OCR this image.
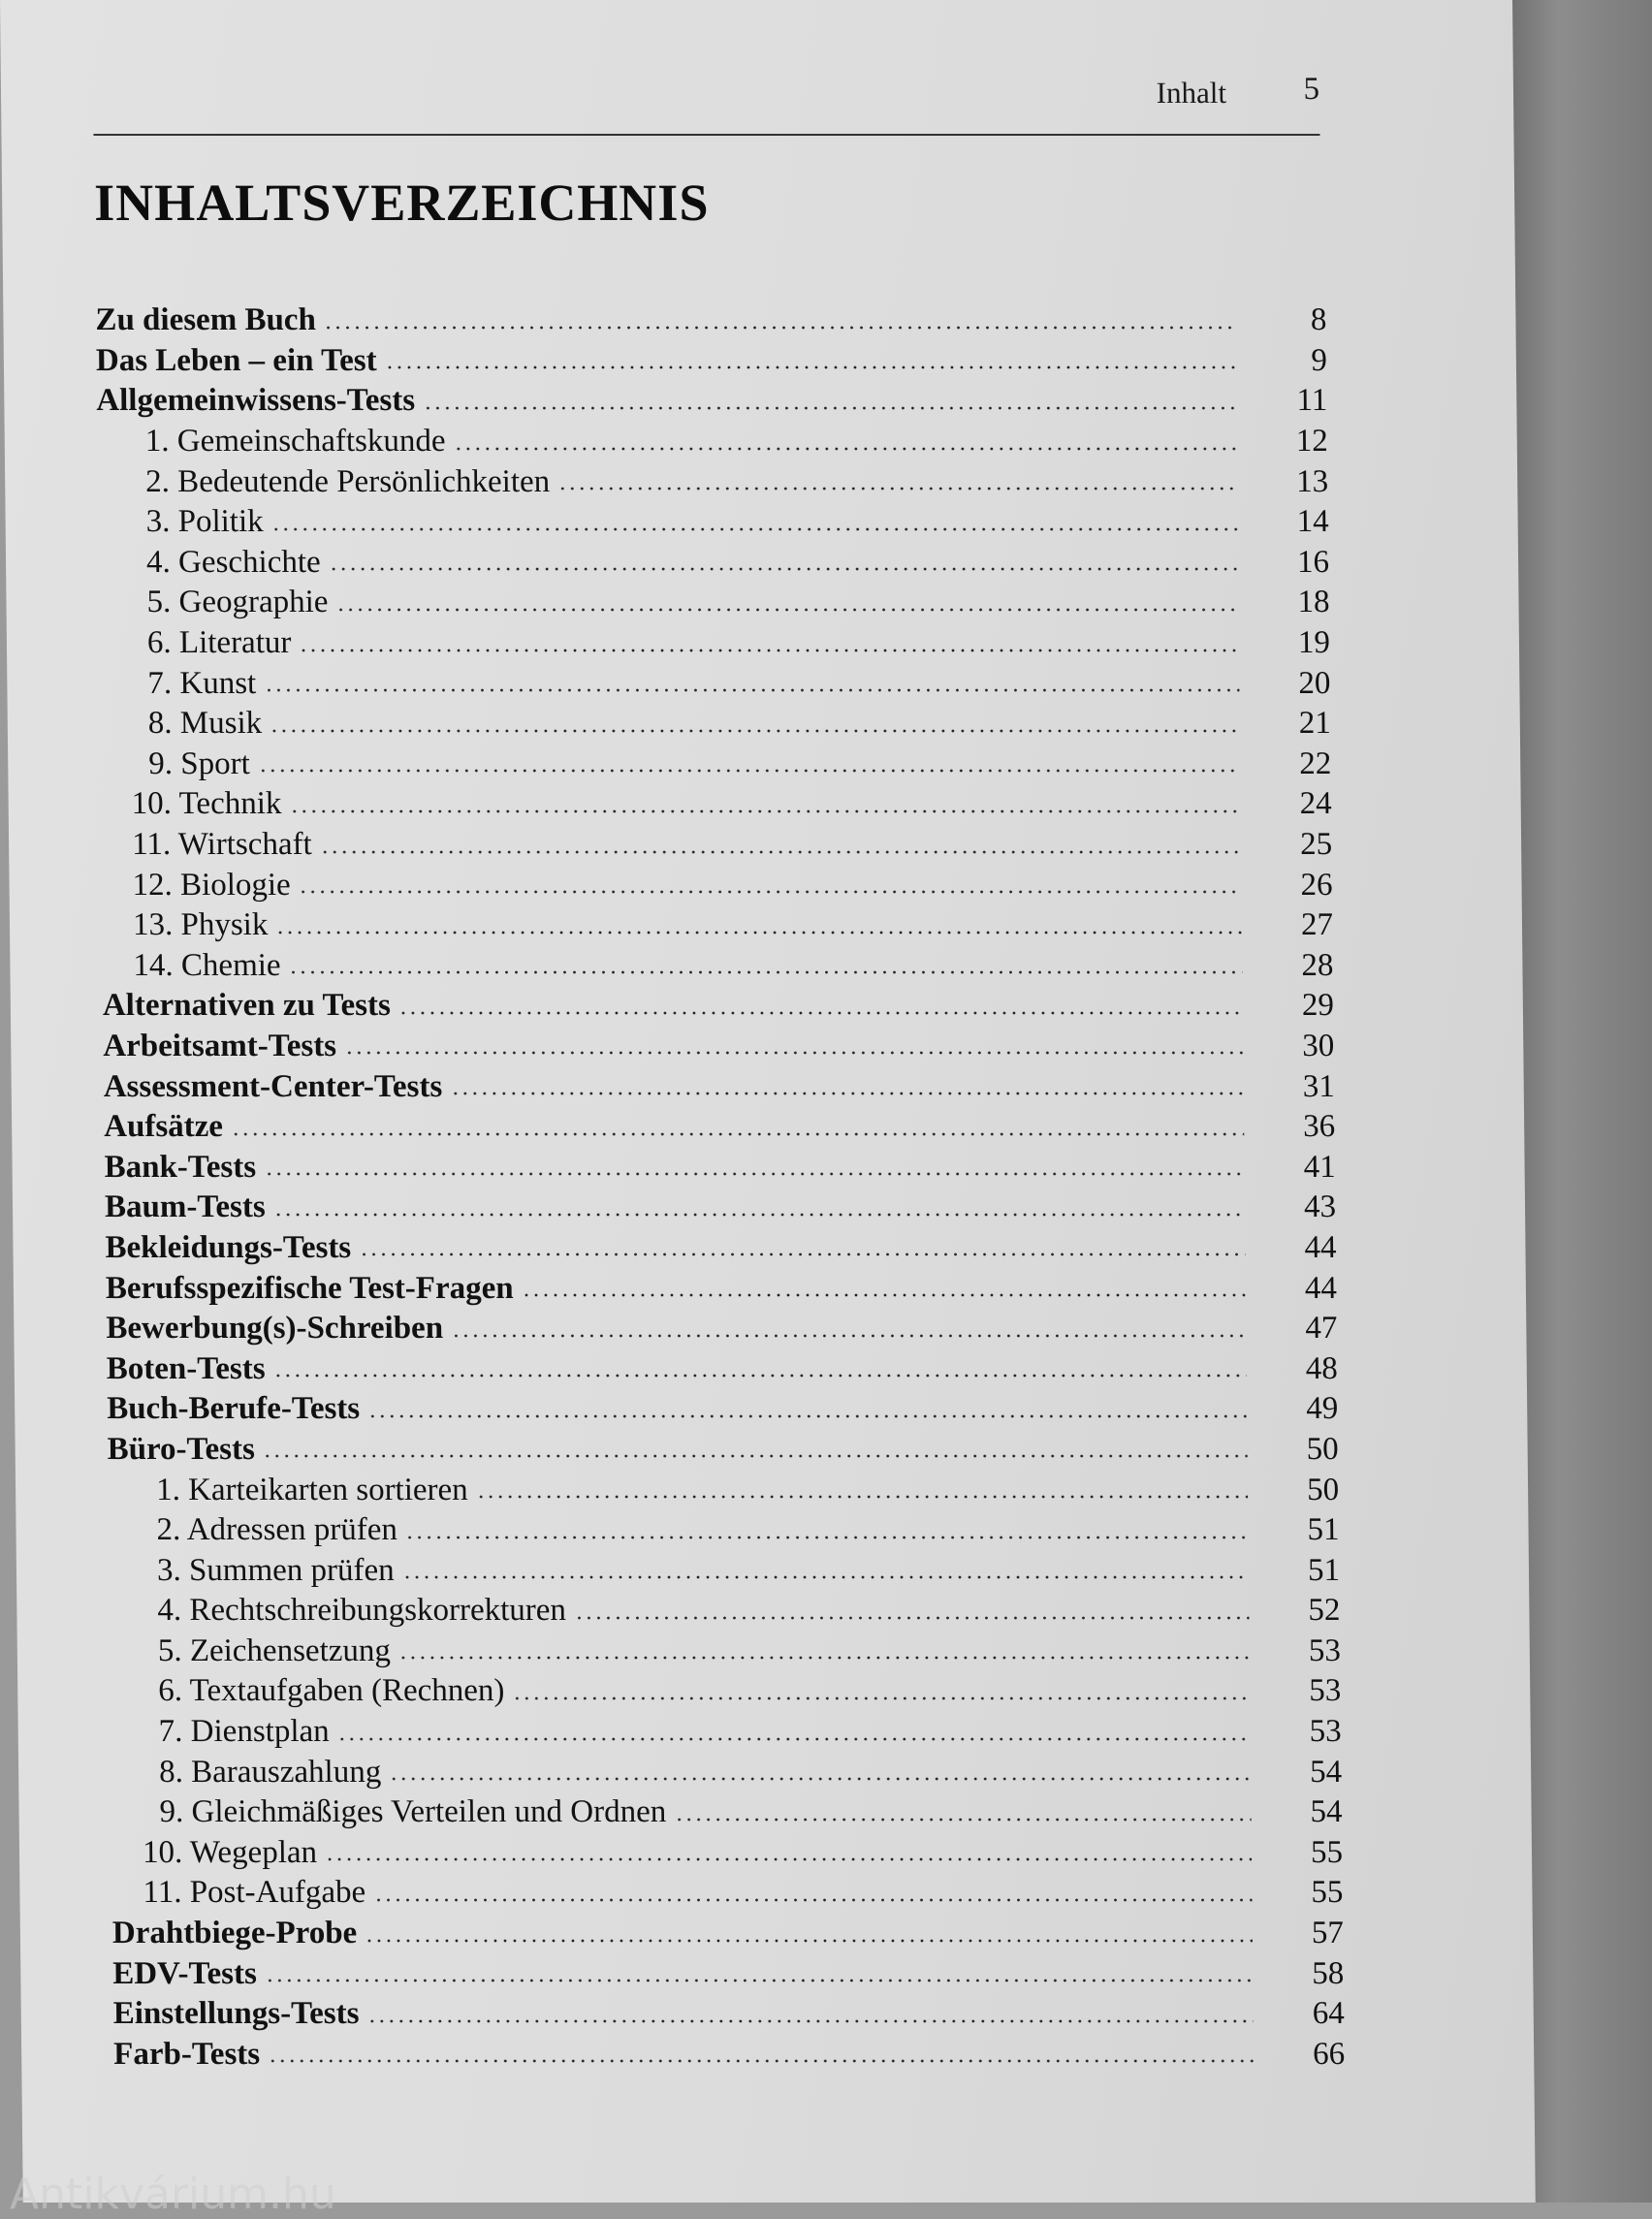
Inhalt 5
INHALTSVERZEICHNIS
Zu diesem Buch	8
Das Leben – ein Test	9
Allgemeinwissens-Tests	11
1. Gemeinschaftskunde	12
2. Bedeutende Persönlichkeiten	13
3. Politik	14
4. Geschichte	16
5. Geographie	18
6. Literatur	19
7. Kunst	20
8. Musik	21
9. Sport	22
10. Technik	24
11. Wirtschaft	25
12. Biologie	26
13. Physik	27
14. Chemie	28
Alternativen zu Tests	29
Arbeitsamt-Tests	30
Assessment-Center-Tests	31
Aufsätze	36
Bank-Tests	41
Baum-Tests	43
Bekleidungs-Tests	44
Berufsspezifische Test-Fragen	44
Bewerbung(s)-Schreiben	47
Boten-Tests	48
Buch-Berufe-Tests	49
Büro-Tests	50
1. Karteikarten sortieren	50
2. Adressen prüfen	51
3. Summen prüfen	51
4. Rechtschreibungskorrekturen	52
5. Zeichensetzung	53
6. Textaufgaben (Rechnen)	53
7. Dienstplan	53
8. Barauszahlung	54
9. Gleichmäßiges Verteilen und Ordnen	54
10. Wegeplan	55
11. Post-Aufgabe	55
Drahtbiege-Probe	57
EDV-Tests	58
Einstellungs-Tests	64
Farb-Tests	66
Antikvárium.hu
